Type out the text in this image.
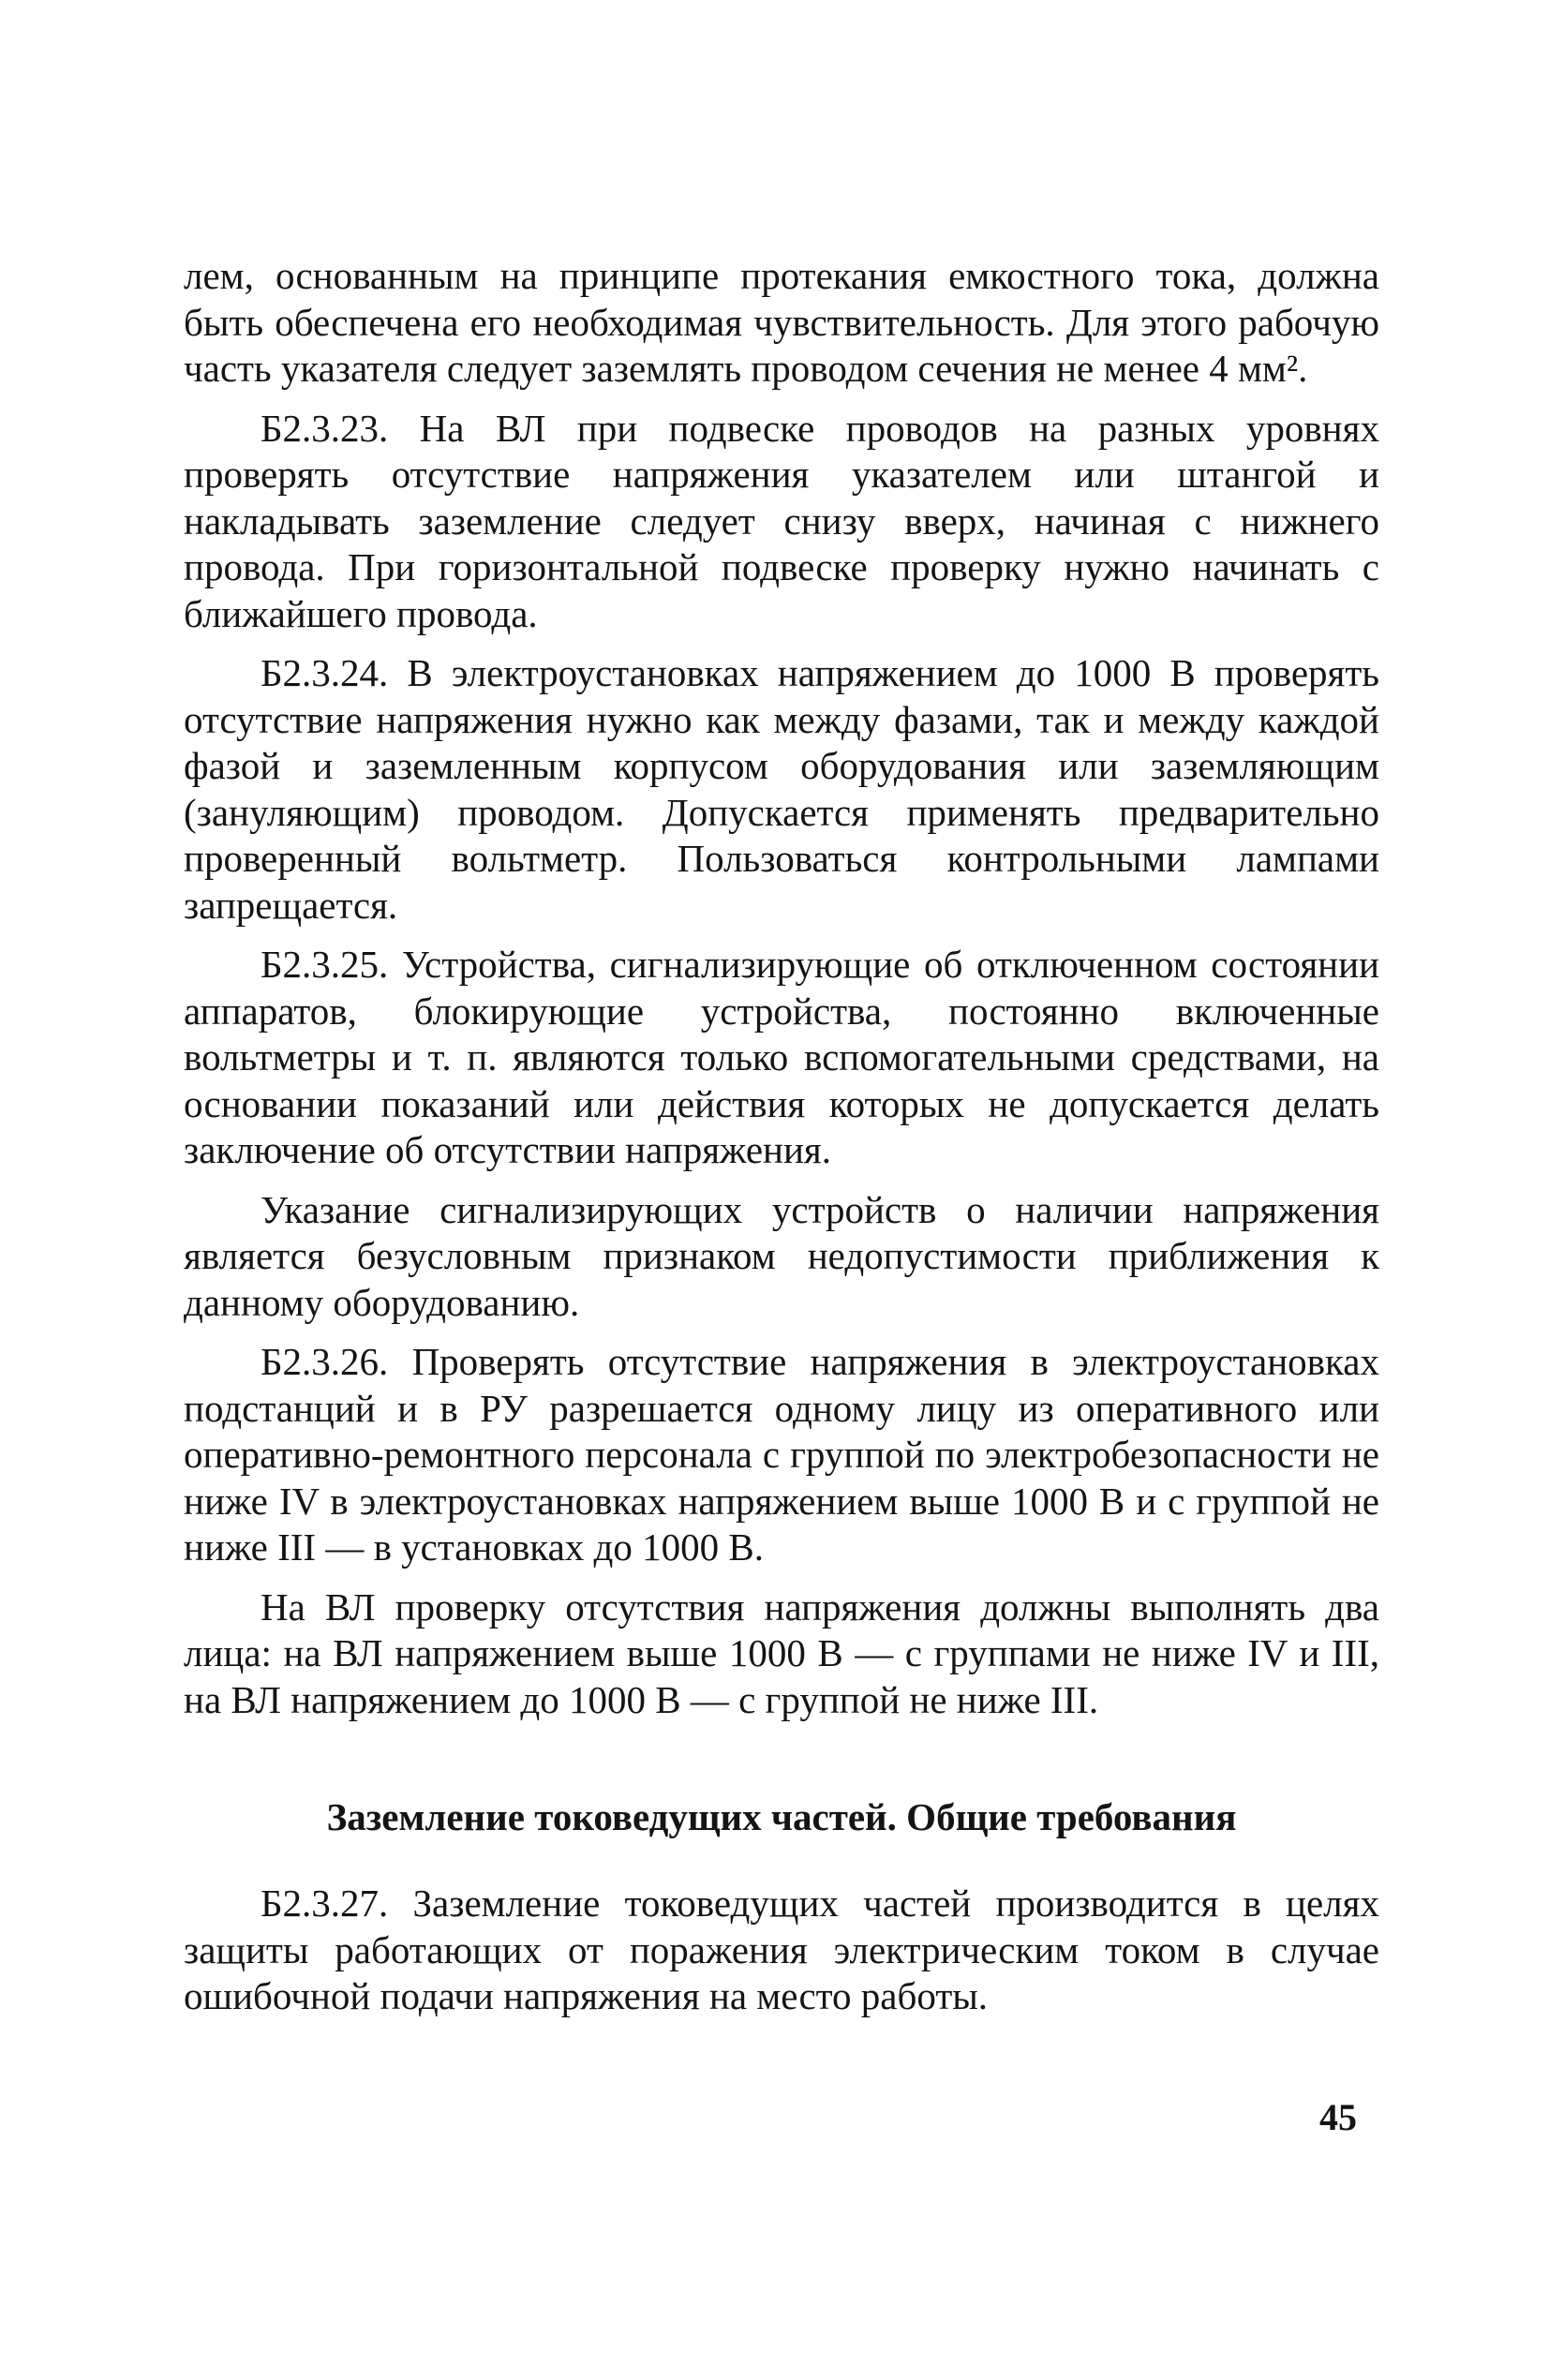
лем, основанным на принципе протекания емкостного тока, должна быть обеспечена его необходимая чувствительность. Для этого рабочую часть указателя следует заземлять проводом сечения не менее 4 мм².

Б2.3.23. На ВЛ при подвеске проводов на разных уровнях проверять отсутствие напряжения указателем или штангой и накладывать заземление следует снизу вверх, начиная с нижнего провода. При горизонтальной подвеске проверку нужно начинать с ближайшего провода.

Б2.3.24. В электроустановках напряжением до 1000 В проверять отсутствие напряжения нужно как между фазами, так и между каждой фазой и заземленным корпусом оборудования или заземляющим (зануляющим) проводом. Допускается применять предварительно проверенный вольтметр. Пользоваться контрольными лампами запрещается.

Б2.3.25. Устройства, сигнализирующие об отключенном состоянии аппаратов, блокирующие устройства, постоянно включенные вольтметры и т. п. являются только вспомогательными средствами, на основании показаний или действия которых не допускается делать заключение об отсутствии напряжения.

Указание сигнализирующих устройств о наличии напряжения является безусловным признаком недопустимости приближения к данному оборудованию.

Б2.3.26. Проверять отсутствие напряжения в электроустановках подстанций и в РУ разрешается одному лицу из оперативного или оперативно-ремонтного персонала с группой по электробезопасности не ниже IV в электроустановках напряжением выше 1000 В и с группой не ниже III — в установках до 1000 В.

На ВЛ проверку отсутствия напряжения должны выполнять два лица: на ВЛ напряжением выше 1000 В — с группами не ниже IV и III, на ВЛ напряжением до 1000 В — с группой не ниже III.

Заземление токоведущих частей. Общие требования

Б2.3.27. Заземление токоведущих частей производится в целях защиты работающих от поражения электрическим током в случае ошибочной подачи напряжения на место работы.

45
